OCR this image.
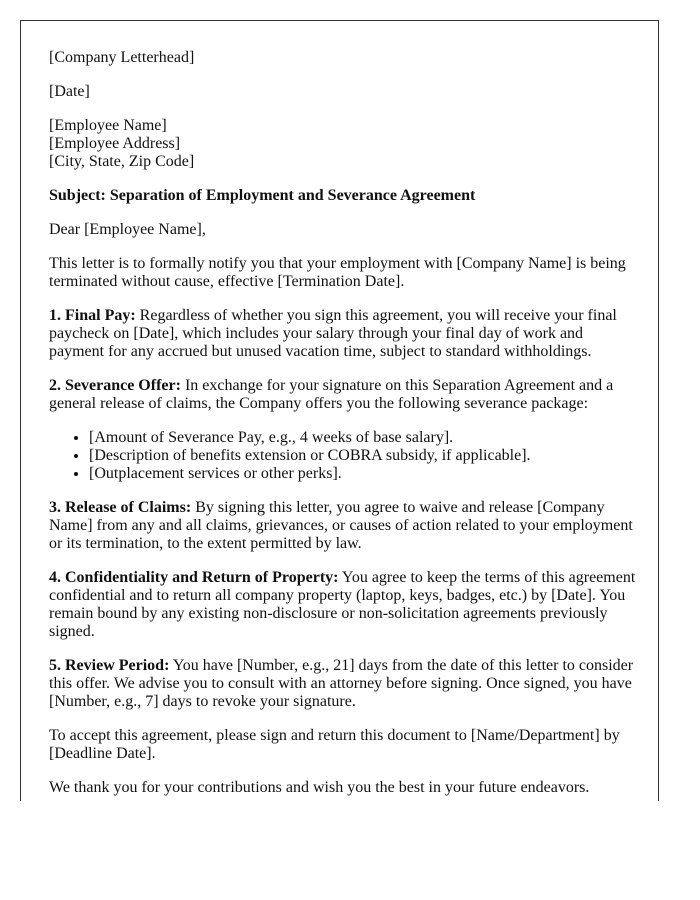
[Company Letterhead]

[Date]

[Employee Name]
[Employee Address]
[City, State, Zip Code]

Subject: Separation of Employment and Severance Agreement

Dear [Employee Name],

This letter is to formally notify you that your employment with [Company Name] is being terminated without cause, effective [Termination Date].

1. Final Pay: Regardless of whether you sign this agreement, you will receive your final paycheck on [Date], which includes your salary through your final day of work and payment for any accrued but unused vacation time, subject to standard withholdings.

2. Severance Offer: In exchange for your signature on this Separation Agreement and a general release of claims, the Company offers you the following severance package:

• [Amount of Severance Pay, e.g., 4 weeks of base salary].
• [Description of benefits extension or COBRA subsidy, if applicable].
• [Outplacement services or other perks].

3. Release of Claims: By signing this letter, you agree to waive and release [Company Name] from any and all claims, grievances, or causes of action related to your employment or its termination, to the extent permitted by law.

4. Confidentiality and Return of Property: You agree to keep the terms of this agreement confidential and to return all company property (laptop, keys, badges, etc.) by [Date]. You remain bound by any existing non-disclosure or non-solicitation agreements previously signed.

5. Review Period: You have [Number, e.g., 21] days from the date of this letter to consider this offer. We advise you to consult with an attorney before signing. Once signed, you have [Number, e.g., 7] days to revoke your signature.

To accept this agreement, please sign and return this document to [Name/Department] by [Deadline Date].

We thank you for your contributions and wish you the best in your future endeavors.
